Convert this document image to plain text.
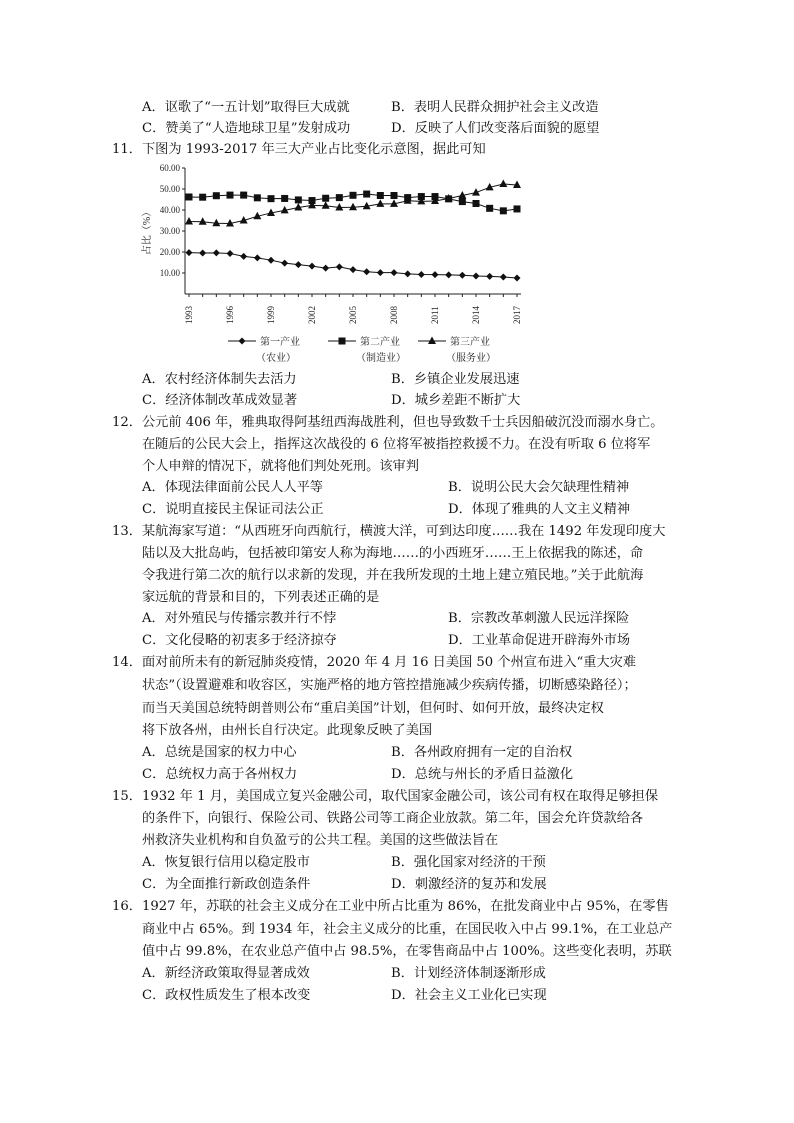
A．讴歌了“一五计划”取得巨大成就	B．表明人民群众拥护社会主义改造
C．赞美了“人造地球卫星”发射成功	D．反映了人们改变落后面貌的愿望
11．下图为 1993-2017 年三大产业占比变化示意图，据此可知
10.00
20.00
30.00
40.00
50.00
60.00
占比（%）
1993	1996	1999	2002	2005	2008	2011	2014	2017
第一产业
（农业）
第二产业
（制造业）
第三产业
（服务业）
A．农村经济体制失去活力	B．乡镇企业发展迅速
C．经济体制改革成效显著	D．城乡差距不断扩大
12．公元前 406 年，雅典取得阿基纽西海战胜利，但也导致数千士兵因船破沉没而溺水身亡。
在随后的公民大会上，指挥这次战役的 6 位将军被指控救援不力。在没有听取 6 位将军
个人申辩的情况下，就将他们判处死刑。该审判
A．体现法律面前公民人人平等	B．说明公民大会欠缺理性精神
C．说明直接民主保证司法公正	D．体现了雅典的人文主义精神
13．某航海家写道：“从西班牙向西航行，横渡大洋，可到达印度……我在 1492 年发现印度大
陆以及大批岛屿，包括被印第安人称为海地……的小西班牙……王上依据我的陈述，命
令我进行第二次的航行以求新的发现，并在我所发现的土地上建立殖民地。”关于此航海
家远航的背景和目的，下列表述正确的是
A．对外殖民与传播宗教并行不悖	B．宗教改革刺激人民远洋探险
C．文化侵略的初衷多于经济掠夺	D．工业革命促进开辟海外市场
14．面对前所未有的新冠肺炎疫情，2020 年 4 月 16 日美国 50 个州宣布进入“重大灾难
状态”（设置避难和收容区，实施严格的地方管控措施减少疾病传播，切断感染路径）；
而当天美国总统特朗普则公布“重启美国”计划，但何时、如何开放，最终决定权
将下放各州，由州长自行决定。此现象反映了美国
A．总统是国家的权力中心	B．各州政府拥有一定的自治权
C．总统权力高于各州权力	D．总统与州长的矛盾日益激化
15．1932 年 1 月，美国成立复兴金融公司，取代国家金融公司，该公司有权在取得足够担保
的条件下，向银行、保险公司、铁路公司等工商企业放款。第二年，国会允许贷款给各
州救济失业机构和自负盈亏的公共工程。美国的这些做法旨在
A．恢复银行信用以稳定股市	B．强化国家对经济的干预
C．为全面推行新政创造条件	D．刺激经济的复苏和发展
16．1927 年，苏联的社会主义成分在工业中所占比重为 86%，在批发商业中占 95%，在零售
商业中占 65%。到 1934 年，社会主义成分的比重，在国民收入中占 99.1%，在工业总产
值中占 99.8%，在农业总产值中占 98.5%，在零售商品中占 100%。这些变化表明，苏联
A．新经济政策取得显著成效	B．计划经济体制逐渐形成
C．政权性质发生了根本改变	D．社会主义工业化已实现
